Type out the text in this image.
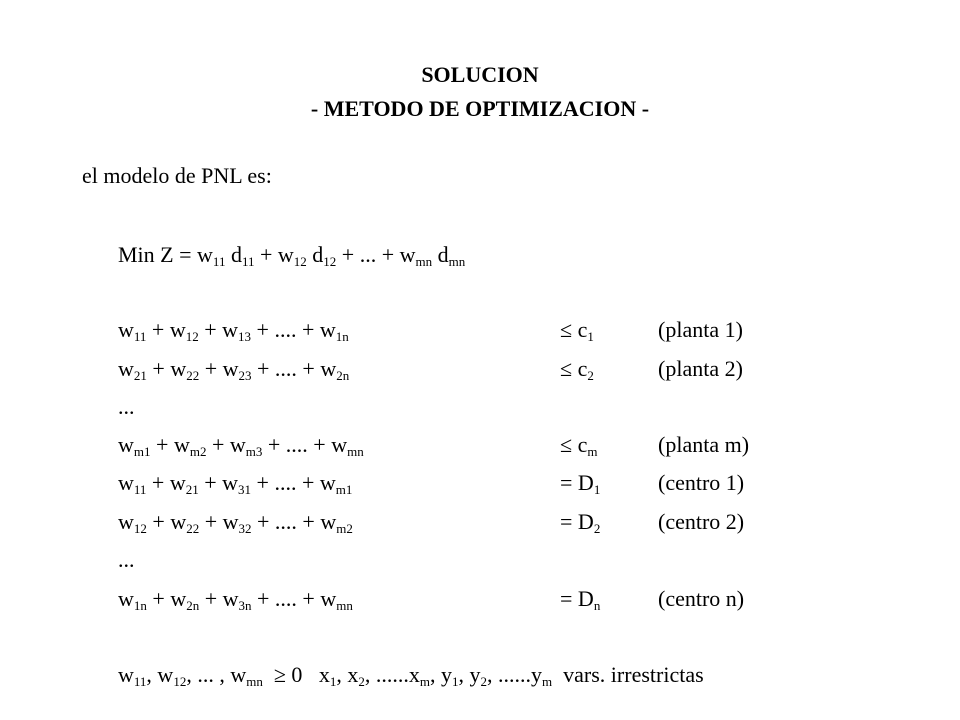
SOLUCION
- METODO DE OPTIMIZACION -
el modelo de PNL es:
Min $Z = w_{11}$ $d_{11} + w_{12}$ $d_{12}$ + ... + $w_{mn}$ $d_{mn}$
$w_{11} + w_{12} + w_{13}$ + .... + $w_{1n}$	≤ $c_1$	(planta 1)
$w_{21} + w_{22} + w_{23}$ + .... + $w_{2n}$	≤ $c_2$	(planta 2)
...
$w_{m1} + w_{m2} + w_{m3}$ + .... + $w_{mn}$	≤ $c_m$	(planta m)
$w_{11} + w_{21} + w_{31}$ + .... + $w_{m1}$	= $D_1$	(centro 1)
$w_{12} + w_{22} + w_{32}$ + .... + $w_{m2}$	= $D_2$	(centro 2)
...
$w_{1n} + w_{2n} + w_{3n}$ + .... + $w_{mn}$	= $D_n$	(centro n)
$w_{11}$, $w_{12}$, ... , $w_{mn} \ge 0$ $x_1$, $x_2$, $......x_m$, $y_1$, $y_2$, $......y_m$ vars. irrestrictas
